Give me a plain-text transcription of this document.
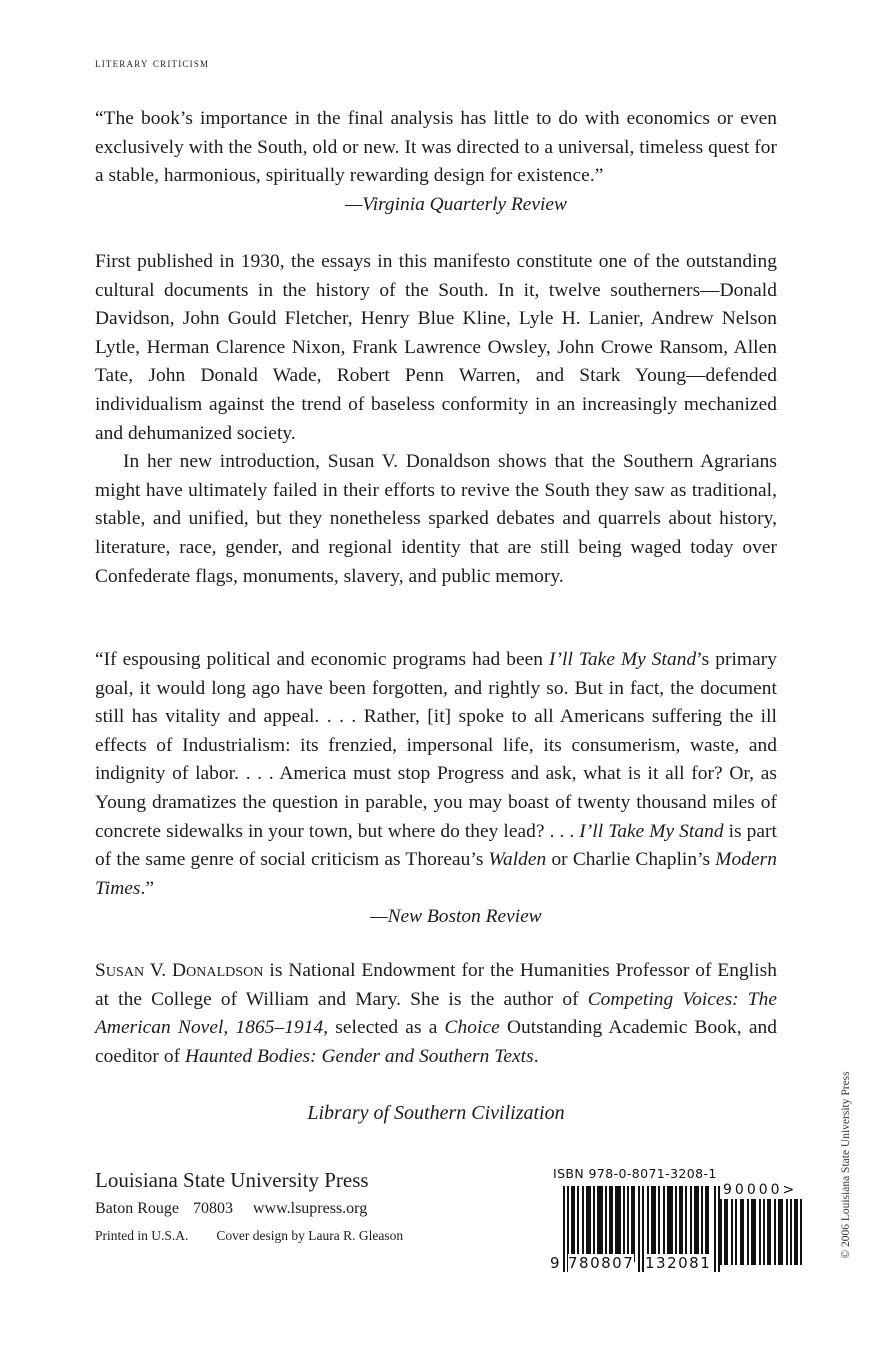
literary criticism

“The book’s importance in the final analysis has little to do with economics or even exclusively with the South, old or new. It was directed to a universal, timeless quest for a stable, harmonious, spiritually rewarding design for existence.”

—Virginia Quarterly Review

First published in 1930, the essays in this manifesto constitute one of the outstanding cultural documents in the history of the South. In it, twelve southerners—Donald Davidson, John Gould Fletcher, Henry Blue Kline, Lyle H. Lanier, Andrew Nelson Lytle, Herman Clarence Nixon, Frank Lawrence Owsley, John Crowe Ransom, Allen Tate, John Donald Wade, Robert Penn Warren, and Stark Young—defended individualism against the trend of baseless conformity in an increasingly mechanized and dehumanized society.

In her new introduction, Susan V. Donaldson shows that the Southern Agrarians might have ultimately failed in their efforts to revive the South they saw as traditional, stable, and unified, but they nonetheless sparked debates and quarrels about history, literature, race, gender, and regional identity that are still being waged today over Confederate flags, monuments, slavery, and public memory.

“If espousing political and economic programs had been I’ll Take My Stand’s primary goal, it would long ago have been forgotten, and rightly so. But in fact, the document still has vitality and appeal. . . . Rather, [it] spoke to all Americans suffering the ill effects of Industrialism: its frenzied, impersonal life, its consumerism, waste, and indignity of labor. . . . America must stop Progress and ask, what is it all for? Or, as Young dramatizes the question in parable, you may boast of twenty thousand miles of concrete sidewalks in your town, but where do they lead? . . . I’ll Take My Stand is part of the same genre of social criticism as Thoreau’s Walden or Charlie Chaplin’s Modern Times.”

—New Boston Review

Susan V. Donaldson is National Endowment for the Humanities Professor of English at the College of William and Mary. She is the author of Competing Voices: The American Novel, 1865–1914, selected as a Choice Outstanding Academic Book, and coeditor of Haunted Bodies: Gender and Southern Texts.

Library of Southern Civilization
Louisiana State University Press
Baton Rouge 70803 www.lsupress.org
Printed in U.S.A. Cover design by Laura R. Gleason
ISBN 978-0-8071-3208-1
90000>
9 780807 132081
© 2006 Louisiana State University Press
